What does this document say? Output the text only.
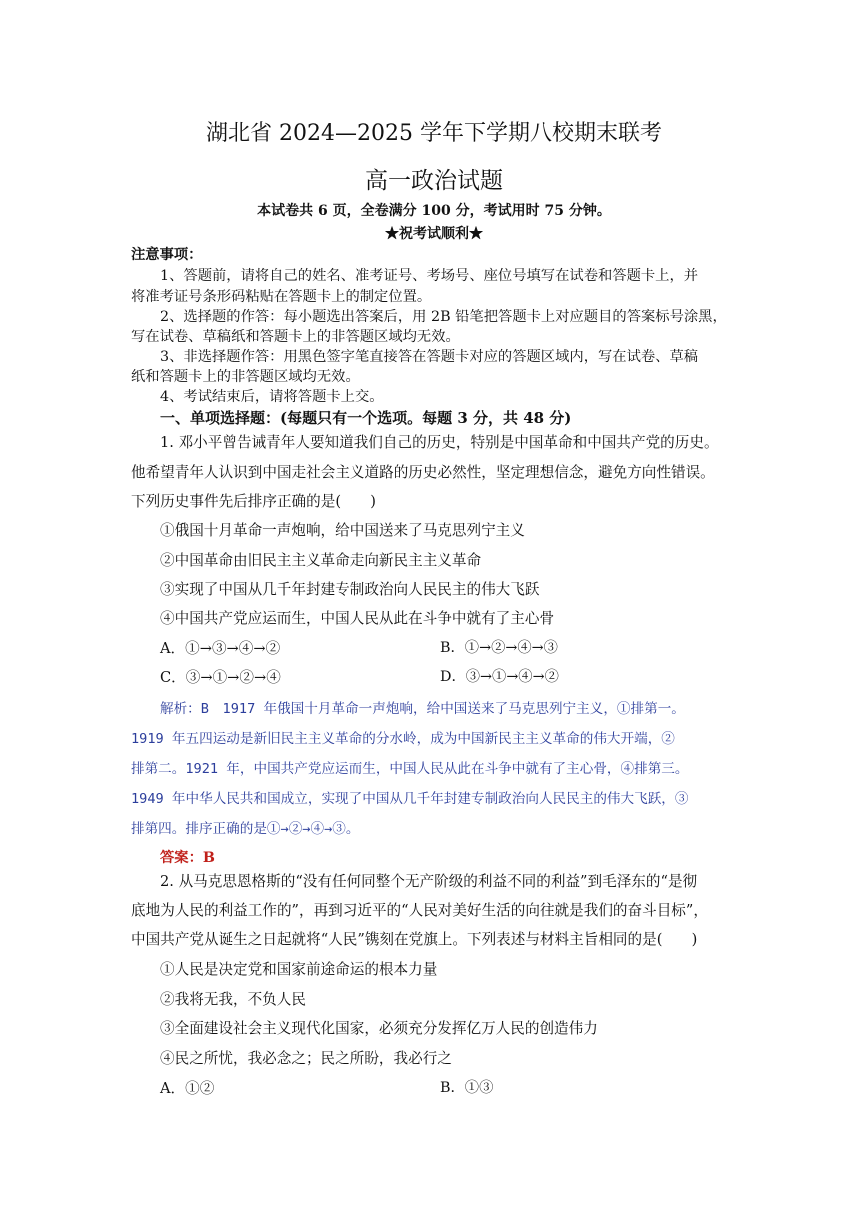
湖北省 2024—2025 学年下学期八校期末联考
高一政治试题
本试卷共 6 页，全卷满分 100 分，考试用时 75 分钟。
★祝考试顺利★
注意事项：
1、答题前，请将自己的姓名、准考证号、考场号、座位号填写在试卷和答题卡上，并
将准考证号条形码粘贴在答题卡上的制定位置。
2、选择题的作答：每小题选出答案后，用 2B 铅笔把答题卡上对应题目的答案标号涂黑，
写在试卷、草稿纸和答题卡上的非答题区域均无效。
3、非选择题作答：用黑色签字笔直接答在答题卡对应的答题区域内，写在试卷、草稿
纸和答题卡上的非答题区域均无效。
4、考试结束后，请将答题卡上交。
一、单项选择题：(每题只有一个选项。每题 3 分，共 48 分)
1. 邓小平曾告诫青年人要知道我们自己的历史，特别是中国革命和中国共产党的历史。
他希望青年人认识到中国走社会主义道路的历史必然性，坚定理想信念，避免方向性错误。
下列历史事件先后排序正确的是(　　)
①俄国十月革命一声炮响，给中国送来了马克思列宁主义
②中国革命由旧民主主义革命走向新民主主义革命
③实现了中国从几千年封建专制政治向人民民主的伟大飞跃
④中国共产党应运而生，中国人民从此在斗争中就有了主心骨
A．①→③→④→②	B．①→②→④→③
C．③→①→②→④	D．③→①→④→②
解析：B　1917 年俄国十月革命一声炮响，给中国送来了马克思列宁主义，①排第一。
1919 年五四运动是新旧民主主义革命的分水岭，成为中国新民主主义革命的伟大开端，②
排第二。1921 年，中国共产党应运而生，中国人民从此在斗争中就有了主心骨，④排第三。
1949 年中华人民共和国成立，实现了中国从几千年封建专制政治向人民民主的伟大飞跃，③
排第四。排序正确的是①→②→④→③。
答案：B
2. 从马克思恩格斯的“没有任何同整个无产阶级的利益不同的利益”到毛泽东的“是彻
底地为人民的利益工作的”，再到习近平的“人民对美好生活的向往就是我们的奋斗目标”，
中国共产党从诞生之日起就将“人民”镌刻在党旗上。下列表述与材料主旨相同的是(　　)
①人民是决定党和国家前途命运的根本力量
②我将无我，不负人民
③全面建设社会主义现代化国家，必须充分发挥亿万人民的创造伟力
④民之所忧，我必念之；民之所盼，我必行之
A．①②	B．①③
